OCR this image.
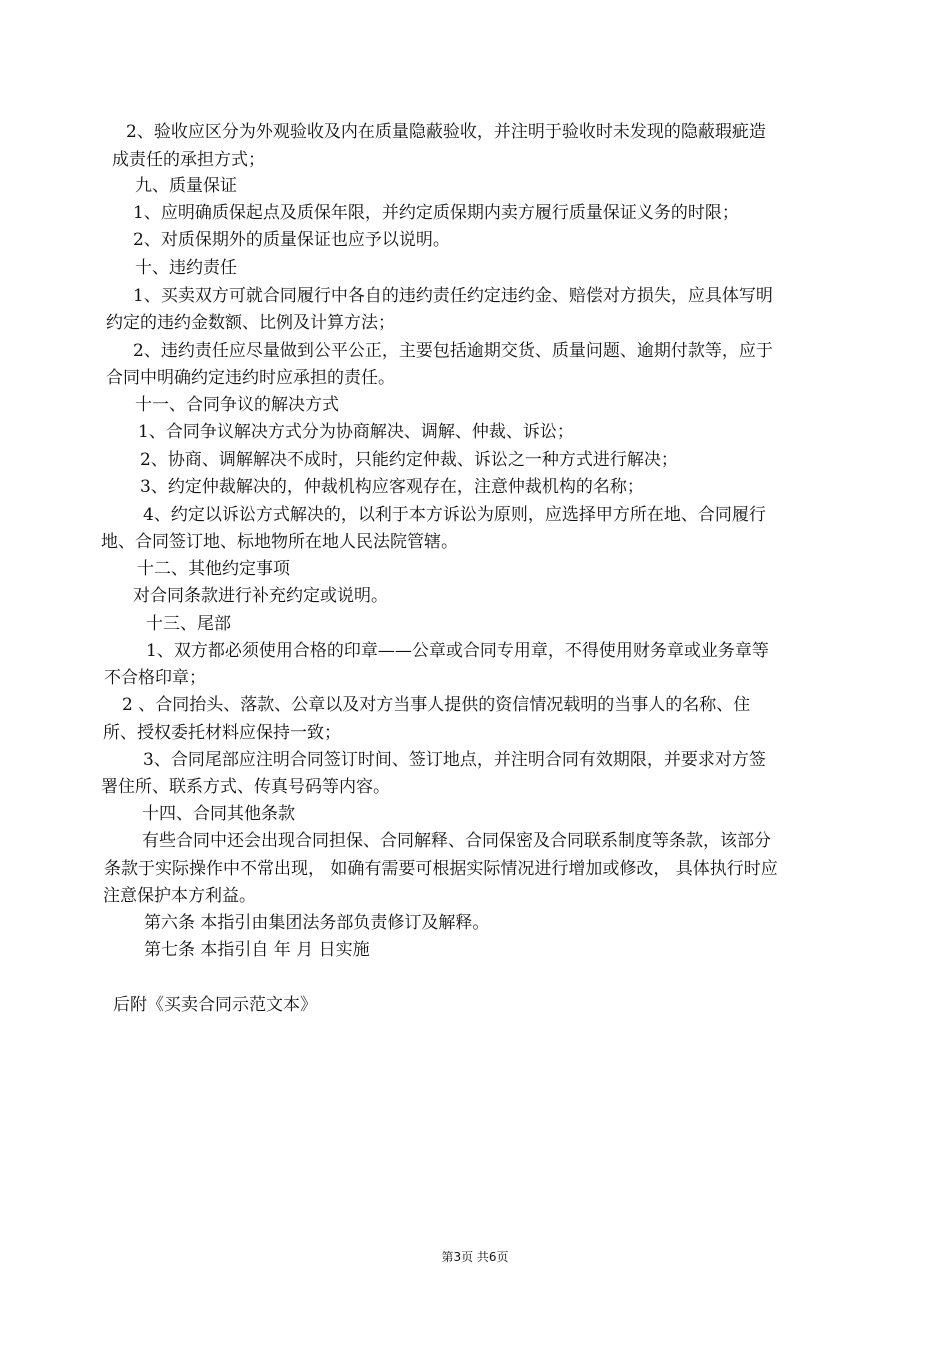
2、验收应区分为外观验收及内在质量隐蔽验收，并注明于验收时未发现的隐蔽瑕疵造
成责任的承担方式；
九、质量保证
1、应明确质保起点及质保年限，并约定质保期内卖方履行质量保证义务的时限；
2、对质保期外的质量保证也应予以说明。
十、违约责任
1、买卖双方可就合同履行中各自的违约责任约定违约金、赔偿对方损失，应具体写明
约定的违约金数额、比例及计算方法；
2、违约责任应尽量做到公平公正，主要包括逾期交货、质量问题、逾期付款等，应于
合同中明确约定违约时应承担的责任。
十一、合同争议的解决方式
1、合同争议解决方式分为协商解决、调解、仲裁、诉讼；
2、协商、调解解决不成时，只能约定仲裁、诉讼之一种方式进行解决；
3、约定仲裁解决的，仲裁机构应客观存在，注意仲裁机构的名称；
4、约定以诉讼方式解决的，以利于本方诉讼为原则，应选择甲方所在地、合同履行
地、合同签订地、标地物所在地人民法院管辖。
十二、其他约定事项
对合同条款进行补充约定或说明。
十三、尾部
1、双方都必须使用合格的印章——公章或合同专用章，不得使用财务章或业务章等
不合格印章；
2 、合同抬头、落款、公章以及对方当事人提供的资信情况载明的当事人的名称、住
所、授权委托材料应保持一致；
3、合同尾部应注明合同签订时间、签订地点，并注明合同有效期限，并要求对方签
署住所、联系方式、传真号码等内容。
十四、合同其他条款
有些合同中还会出现合同担保、合同解释、合同保密及合同联系制度等条款，该部分
条款于实际操作中不常出现， 如确有需要可根据实际情况进行增加或修改， 具体执行时应
注意保护本方利益。
第六条 本指引由集团法务部负责修订及解释。
第七条 本指引自 年 月 日实施
后附《买卖合同示范文本》
第3页 共6页
